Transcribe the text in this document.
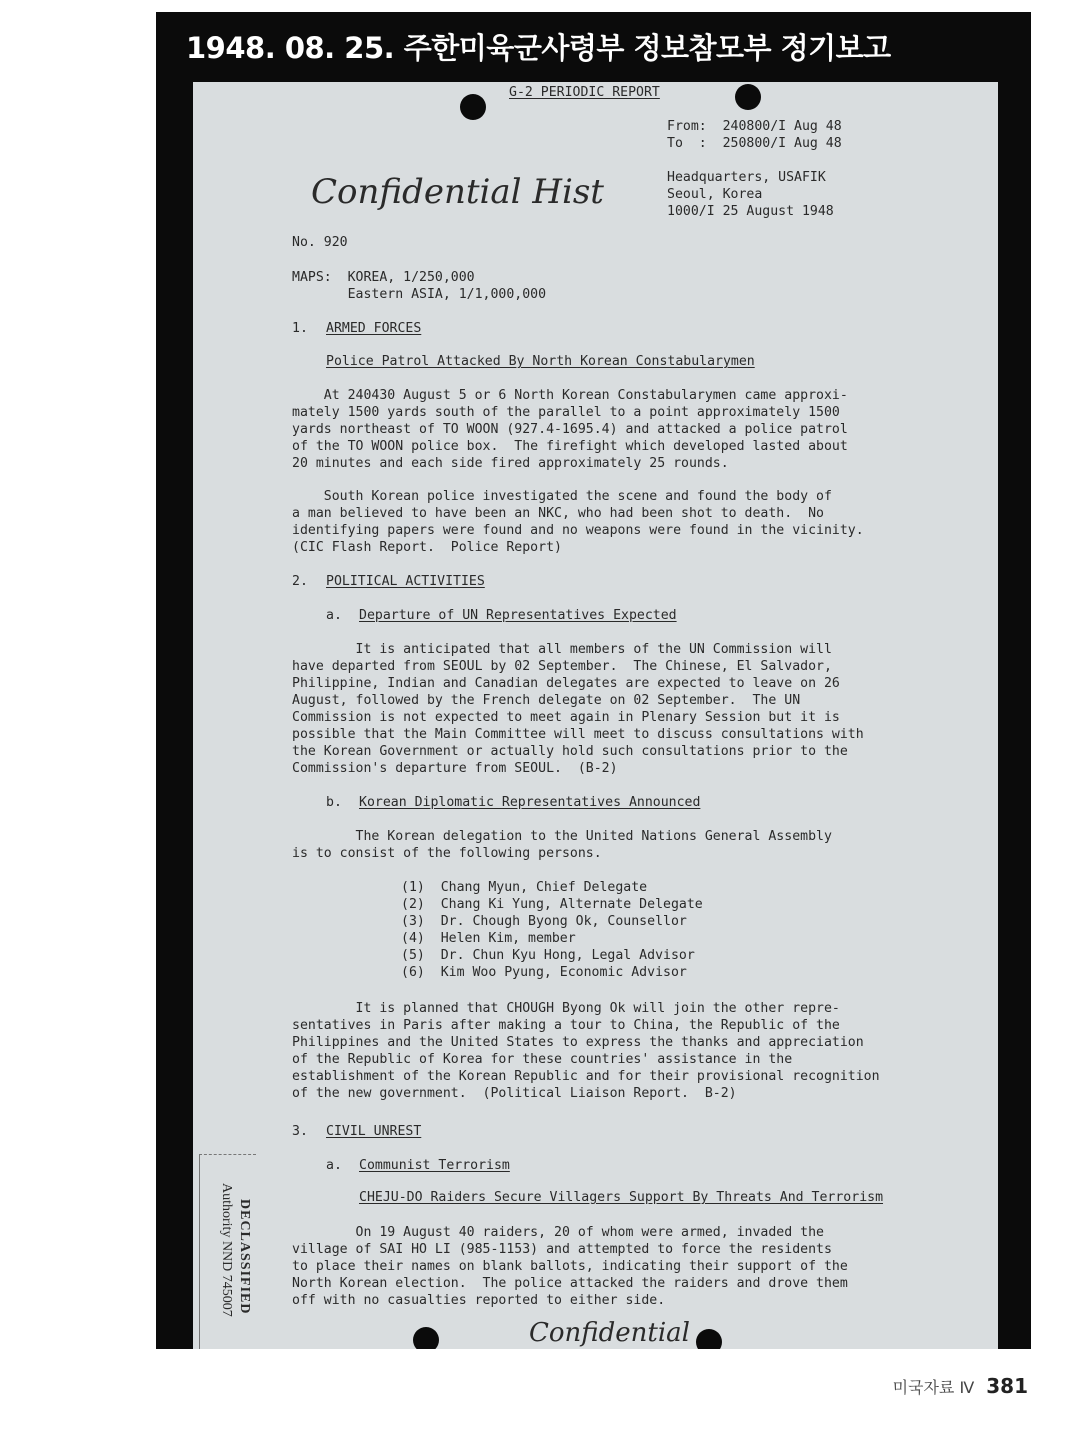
1948. 08. 25. 주한미육군사령부 정보참모부 정기보고
G-2 PERIODIC REPORT
From:  240800/I Aug 48
To  :  250800/I Aug 48
Headquarters, USAFIK
Seoul, Korea
1000/I 25 August 1948
Confidential Hist
No. 920
MAPS:  KOREA, 1/250,000
Eastern ASIA, 1/1,000,000
1. ARMED FORCES
Police Patrol Attacked By North Korean Constabularymen
At 240430 August 5 or 6 North Korean Constabularymen came approxi-
mately 1500 yards south of the parallel to a point approximately 1500
yards northeast of TO WOON (927.4-1695.4) and attacked a police patrol
of the TO WOON police box.  The firefight which developed lasted about
20 minutes and each side fired approximately 25 rounds.
South Korean police investigated the scene and found the body of
a man believed to have been an NKC, who had been shot to death.  No
identifying papers were found and no weapons were found in the vicinity.
(CIC Flash Report.  Police Report)
2. POLITICAL ACTIVITIES
a. Departure of UN Representatives Expected
It is anticipated that all members of the UN Commission will
have departed from SEOUL by 02 September.  The Chinese, El Salvador,
Philippine, Indian and Canadian delegates are expected to leave on 26
August, followed by the French delegate on 02 September.  The UN
Commission is not expected to meet again in Plenary Session but it is
possible that the Main Committee will meet to discuss consultations with
the Korean Government or actually hold such consultations prior to the
Commission's departure from SEOUL.  (B-2)
b. Korean Diplomatic Representatives Announced
The Korean delegation to the United Nations General Assembly
is to consist of the following persons.
(1)  Chang Myun, Chief Delegate
(2)  Chang Ki Yung, Alternate Delegate
(3)  Dr. Chough Byong Ok, Counsellor
(4)  Helen Kim, member
(5)  Dr. Chun Kyu Hong, Legal Advisor
(6)  Kim Woo Pyung, Economic Advisor
It is planned that CHOUGH Byong Ok will join the other repre-
sentatives in Paris after making a tour to China, the Republic of the
Philippines and the United States to express the thanks and appreciation
of the Republic of Korea for these countries' assistance in the
establishment of the Korean Republic and for their provisional recognition
of the new government.  (Political Liaison Report.  B-2)
3. CIVIL UNREST
a. Communist Terrorism
CHEJU-DO Raiders Secure Villagers Support By Threats And Terrorism
On 19 August 40 raiders, 20 of whom were armed, invaded the
village of SAI HO LI (985-1153) and attempted to force the residents
to place their names on blank ballots, indicating their support of the
North Korean election.  The police attacked the raiders and drove them
off with no casualties reported to either side.
Confidential
DECLASSIFIED
Authority NND 745007
미국자료 Ⅳ 381
